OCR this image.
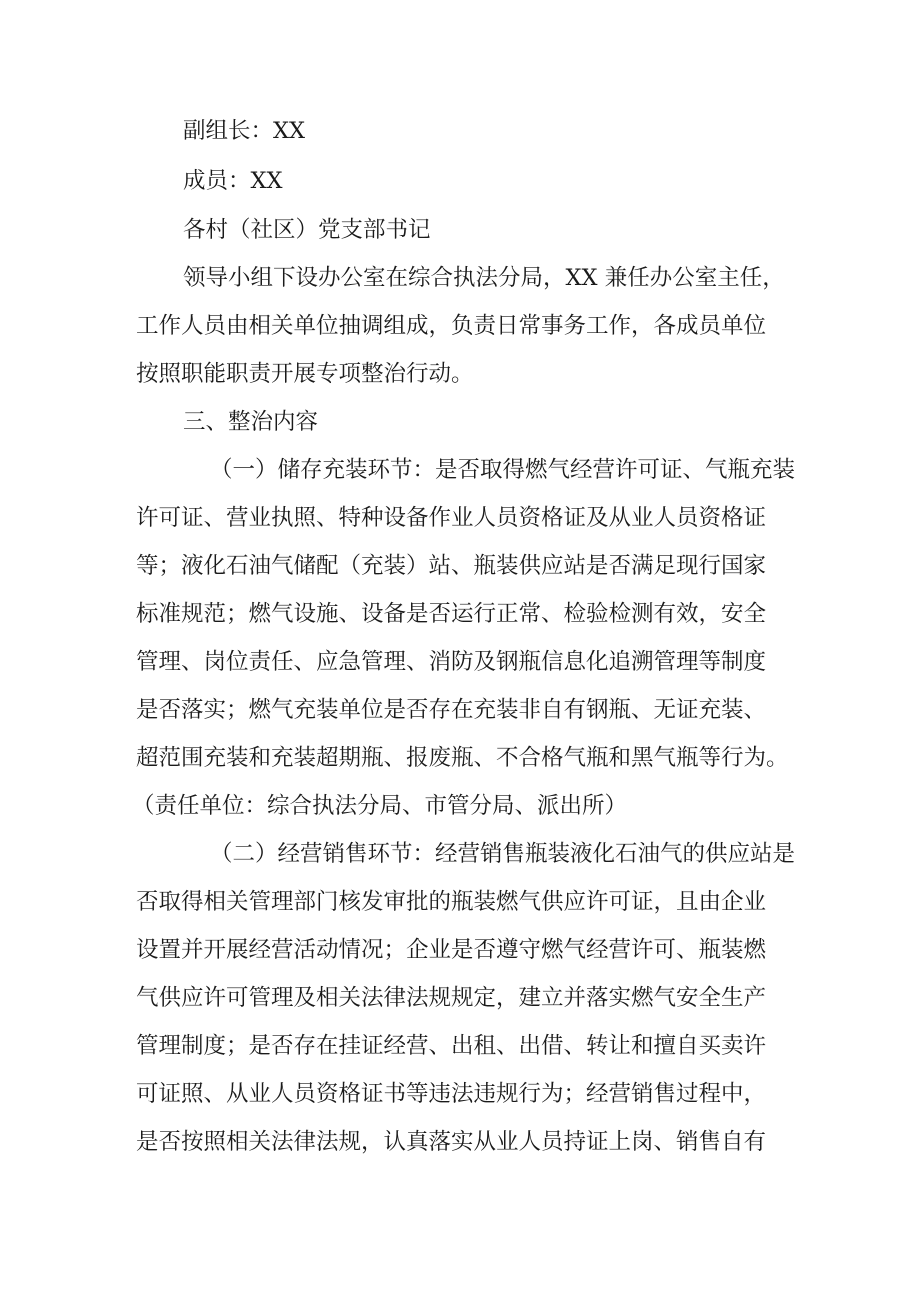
副组长：XX
成员：XX
各村（社区）党支部书记
领导小组下设办公室在综合执法分局，XX 兼任办公室主任，
工作人员由相关单位抽调组成，负责日常事务工作，各成员单位
按照职能职责开展专项整治行动。
三、整治内容
（一）储存充装环节：是否取得燃气经营许可证、气瓶充装
许可证、营业执照、特种设备作业人员资格证及从业人员资格证
等；液化石油气储配（充装）站、瓶装供应站是否满足现行国家
标准规范；燃气设施、设备是否运行正常、检验检测有效，安全
管理、岗位责任、应急管理、消防及钢瓶信息化追溯管理等制度
是否落实；燃气充装单位是否存在充装非自有钢瓶、无证充装、
超范围充装和充装超期瓶、报废瓶、不合格气瓶和黑气瓶等行为。
（责任单位：综合执法分局、市管分局、派出所）
（二）经营销售环节：经营销售瓶装液化石油气的供应站是
否取得相关管理部门核发审批的瓶装燃气供应许可证，且由企业
设置并开展经营活动情况；企业是否遵守燃气经营许可、瓶装燃
气供应许可管理及相关法律法规规定，建立并落实燃气安全生产
管理制度；是否存在挂证经营、出租、出借、转让和擅自买卖许
可证照、从业人员资格证书等违法违规行为；经营销售过程中，
是否按照相关法律法规，认真落实从业人员持证上岗、销售自有
